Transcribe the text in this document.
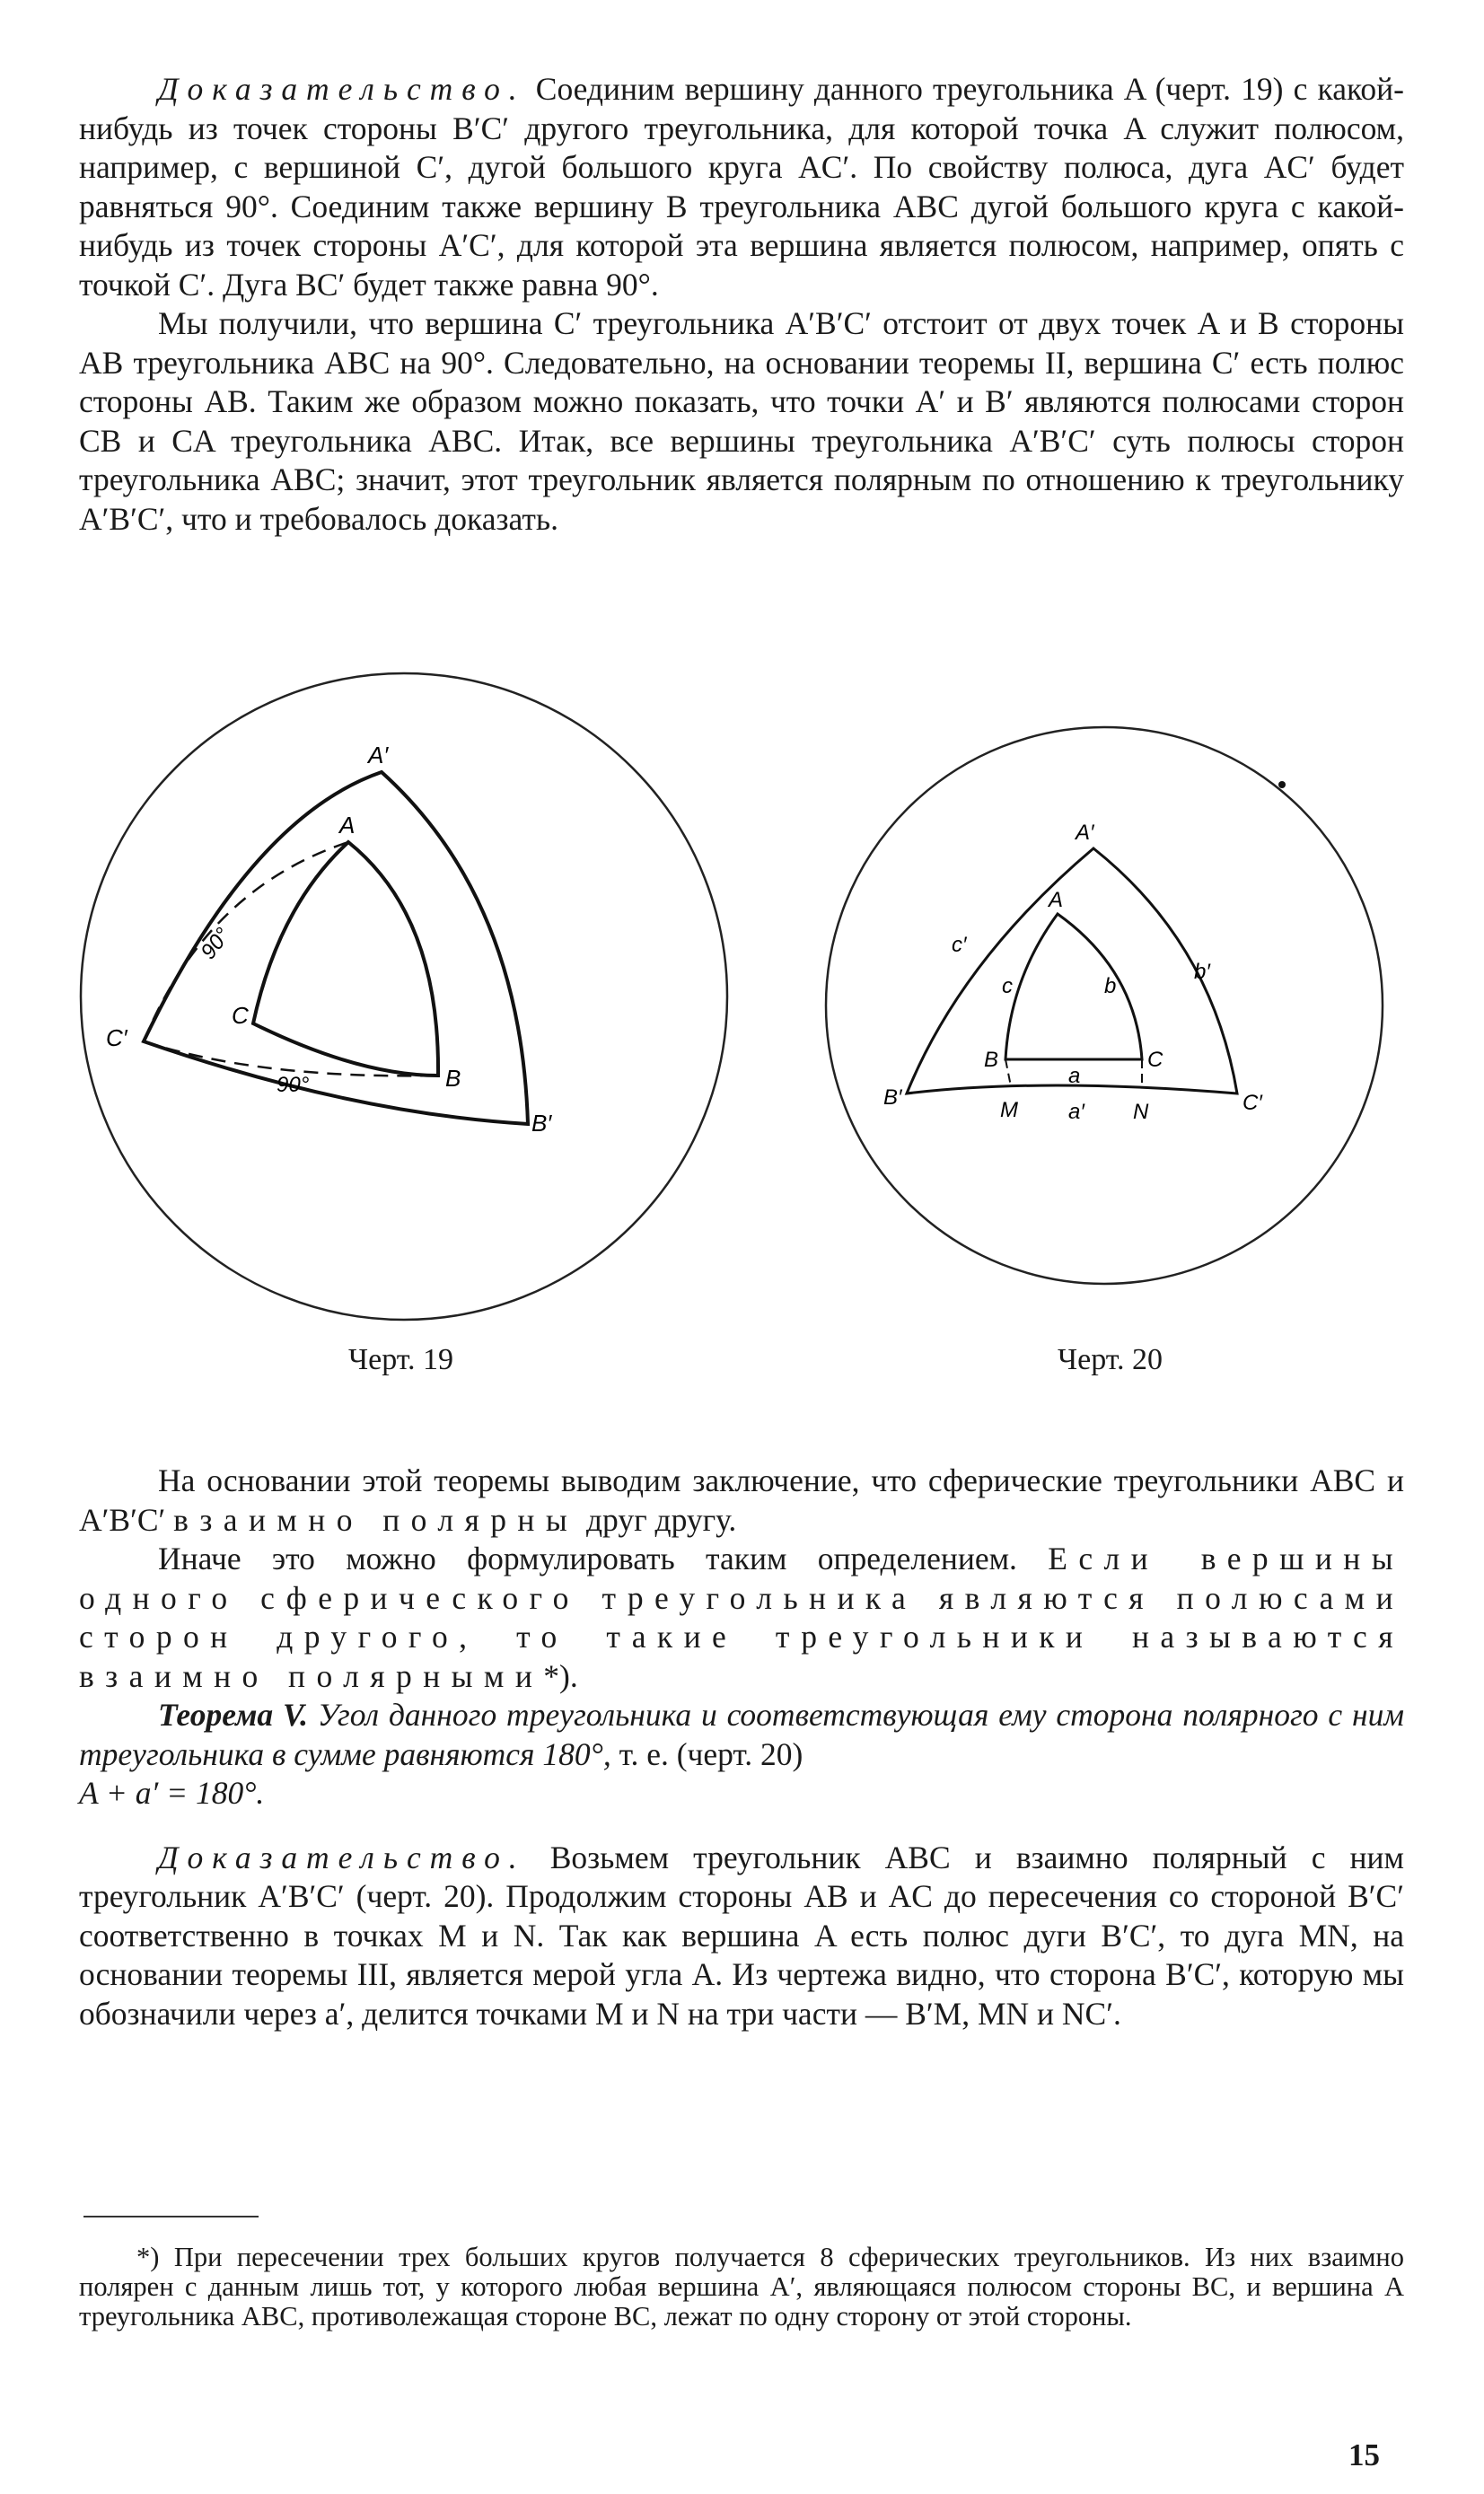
Доказательство. Соединим вершину данного треугольника A (черт. 19) с какой-нибудь из точек стороны B′C′ другого треугольника, для которой точка A служит полюсом, например, с вершиной C′, дугой большого круга AC′. По свойству полюса, дуга AC′ будет равняться 90°. Соединим также вершину B треугольника ABC дугой большого круга с какой-нибудь из точек стороны A′C′, для которой эта вершина является полюсом, например, опять с точкой C′. Дуга BC′ будет также равна 90°.

Мы получили, что вершина C′ треугольника A′B′C′ отстоит от двух точек A и B стороны AB треугольника ABC на 90°. Следовательно, на основании теоремы II, вершина C′ есть полюс стороны AB. Таким же образом можно показать, что точки A′ и B′ являются полюсами сторон CB и CA треугольника ABC. Итак, все вершины треугольника A′B′C′ суть полюсы сторон треугольника ABC; значит, этот треугольник является полярным по отношению к треугольнику A′B′C′, что и требовалось доказать.

A′
A
C
C′
B
B′
90°
90°
A′
A
c′
c	b
b′
B	C
B′	C′
a
M a′ N
Черт. 19	Черт. 20

На основании этой теоремы выводим заключение, что сферические треугольники ABC и A′B′C′ взаимно полярны друг другу.

Иначе это можно формулировать таким определением. Если вершины одного сферического треугольника являются полюсами сторон другого, то такие треугольники называются взаимно полярными*).

Теорема V. Угол данного треугольника и соответствующая ему сторона полярного с ним треугольника в сумме равняются 180°, т. е. (черт. 20)

A + a′ = 180°.

Доказательство. Возьмем треугольник ABC и взаимно полярный с ним треугольник A′B′C′ (черт. 20). Продолжим стороны AB и AC до пересечения со стороной B′C′ соответственно в точках M и N. Так как вершина A есть полюс дуги B′C′, то дуга MN, на основании теоремы III, является мерой угла A. Из чертежа видно, что сторона B′C′, которую мы обозначили через a′, делится точками M и N на три части — B′M, MN и NC′.

*) При пересечении трех больших кругов получается 8 сферических треугольников. Из них взаимно полярен с данным лишь тот, у которого любая вершина A′, являющаяся полюсом стороны BC, и вершина A треугольника ABC, противолежащая стороне BC, лежат по одну сторону от этой стороны.

15
